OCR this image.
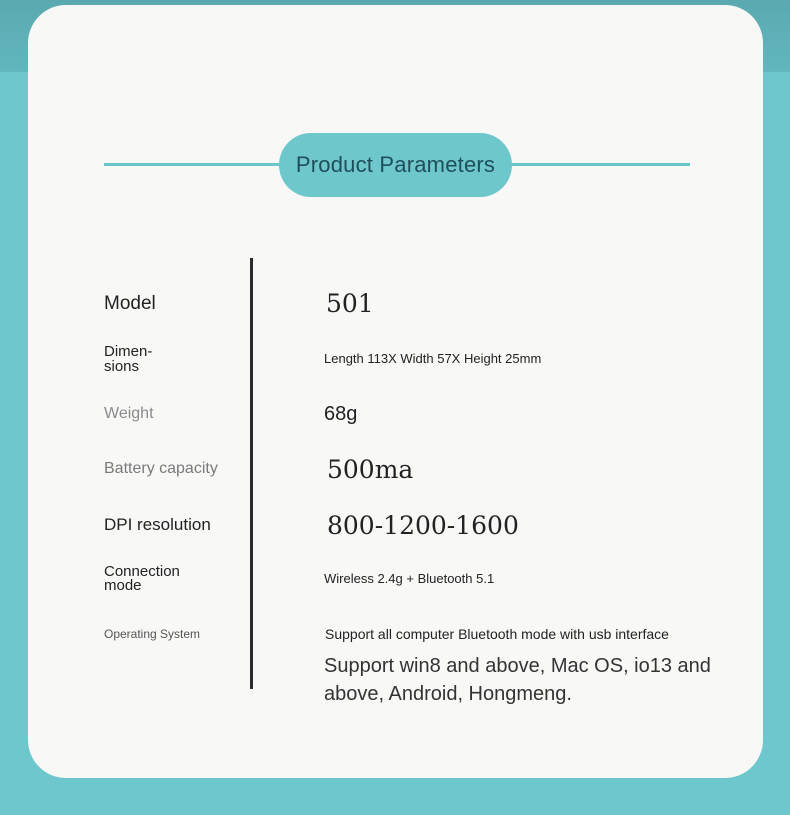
Product Parameters
Model	501
Dimen-
sions	Length 113X Width 57X Height 25mm
Weight	68g
Battery capacity	500ma
DPI resolution	800-1200-1600
Connection
mode	Wireless 2.4g + Bluetooth 5.1
Operating System	Support all computer Bluetooth mode with usb interface
Support win8 and above, Mac OS, io13 and above, Android, Hongmeng.
